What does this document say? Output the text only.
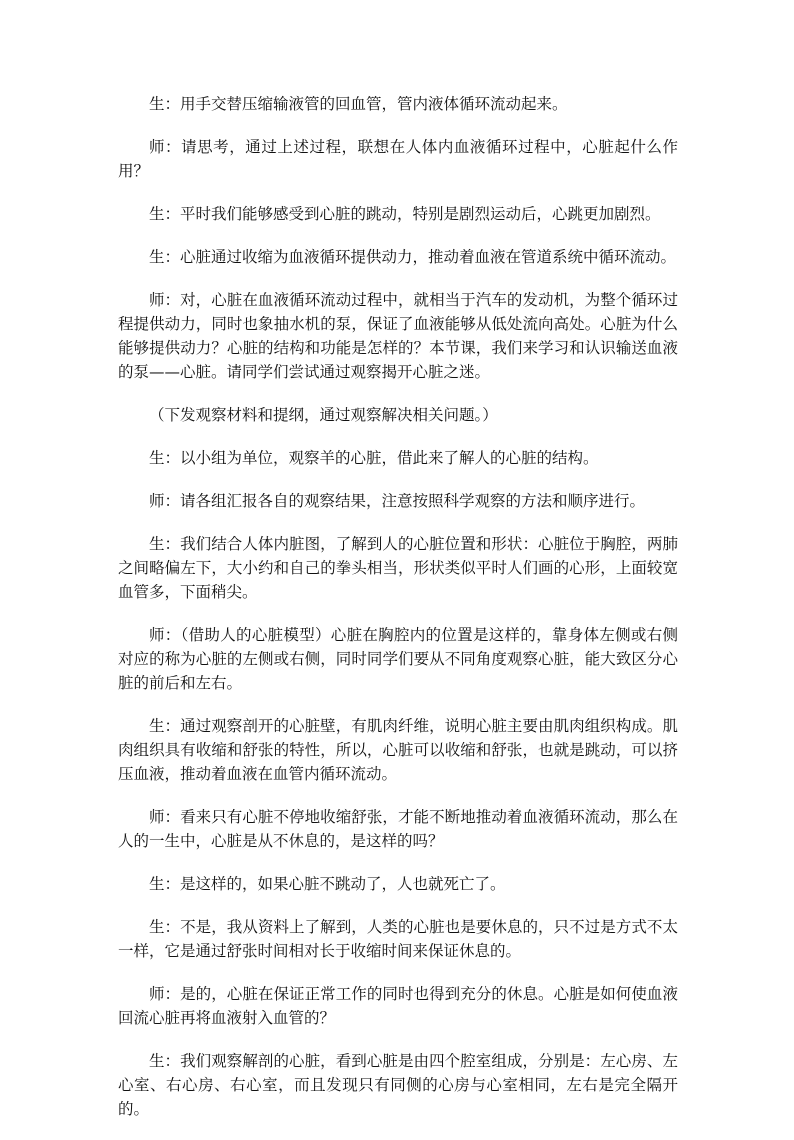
生：用手交替压缩输液管的回血管，管内液体循环流动起来。

师：请思考，通过上述过程，联想在人体内血液循环过程中，心脏起什么作用？

生：平时我们能够感受到心脏的跳动，特别是剧烈运动后，心跳更加剧烈。

生：心脏通过收缩为血液循环提供动力，推动着血液在管道系统中循环流动。

师：对，心脏在血液循环流动过程中，就相当于汽车的发动机，为整个循环过程提供动力，同时也象抽水机的泵，保证了血液能够从低处流向高处。心脏为什么能够提供动力？心脏的结构和功能是怎样的？本节课，我们来学习和认识输送血液的泵——心脏。请同学们尝试通过观察揭开心脏之迷。

（下发观察材料和提纲，通过观察解决相关问题。）

生：以小组为单位，观察羊的心脏，借此来了解人的心脏的结构。

师：请各组汇报各自的观察结果，注意按照科学观察的方法和顺序进行。

生：我们结合人体内脏图，了解到人的心脏位置和形状：心脏位于胸腔，两肺之间略偏左下，大小约和自己的拳头相当，形状类似平时人们画的心形，上面较宽血管多，下面稍尖。

师：（借助人的心脏模型）心脏在胸腔内的位置是这样的，靠身体左侧或右侧对应的称为心脏的左侧或右侧，同时同学们要从不同角度观察心脏，能大致区分心脏的前后和左右。

生：通过观察剖开的心脏壁，有肌肉纤维，说明心脏主要由肌肉组织构成。肌肉组织具有收缩和舒张的特性，所以，心脏可以收缩和舒张，也就是跳动，可以挤压血液，推动着血液在血管内循环流动。

师：看来只有心脏不停地收缩舒张，才能不断地推动着血液循环流动，那么在人的一生中，心脏是从不休息的，是这样的吗？

生：是这样的，如果心脏不跳动了，人也就死亡了。

生：不是，我从资料上了解到，人类的心脏也是要休息的，只不过是方式不太一样，它是通过舒张时间相对长于收缩时间来保证休息的。

师：是的，心脏在保证正常工作的同时也得到充分的休息。心脏是如何使血液回流心脏再将血液射入血管的？

生：我们观察解剖的心脏，看到心脏是由四个腔室组成，分别是：左心房、左心室、右心房、右心室，而且发现只有同侧的心房与心室相同，左右是完全隔开的。
